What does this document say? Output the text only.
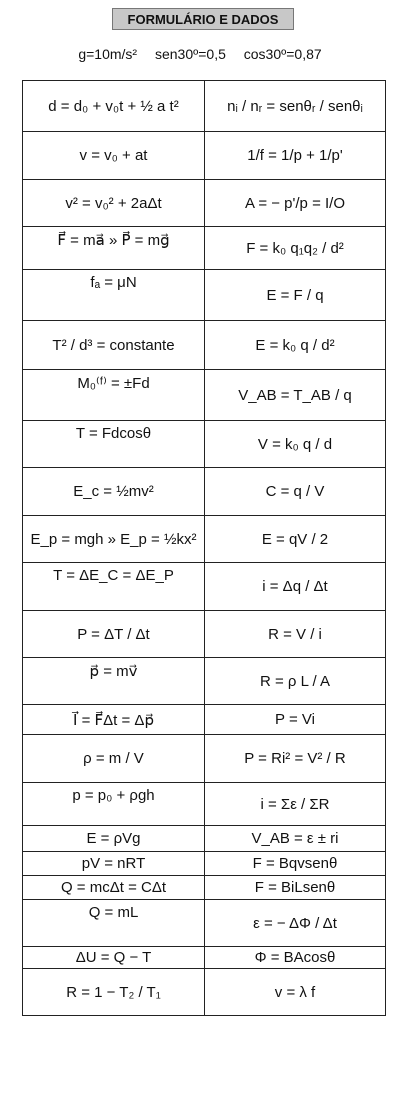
FORMULÁRIO E DADOS
g=10m/s² sen30º=0,5 cos30º=0,87
d = d₀ + v₀t + ½ a t²	nᵢ / nᵣ = senθᵣ / senθᵢ
v = v₀ + at	1/f = 1/p + 1/p'
v² = v₀² + 2aΔt	A = − p'/p = I/O
F⃗ = ma⃗ » P⃗ = mg⃗	F = k₀ q₁q₂ / d²
fₐ = μN	E = F / q
T² / d³ = constante	E = k₀ q / d²
M₀⁽ᶠ⁾ = ±Fd	V_AB = T_AB / q
T = Fdcosθ	V = k₀ q / d
E_c = ½mv²	C = q / V
E_p = mgh » E_p = ½kx²	E = qV / 2
T = ΔE_C = ΔE_P	i = Δq / Δt
P = ΔT / Δt	R = V / i
p⃗ = mv⃗	R = ρ L / A
I⃗ = F⃗Δt = Δp⃗	P = Vi
ρ = m / V	P = Ri² = V² / R
p = p₀ + ρgh	i = Σε / ΣR
E = ρVg	V_AB = ε ± ri
pV = nRT	F = Bqvsenθ
Q = mcΔt = CΔt	F = BiLsenθ
Q = mL	ε = − ΔΦ / Δt
ΔU = Q − T	Φ = BAcosθ
R = 1 − T₂ / T₁	v = λ f
